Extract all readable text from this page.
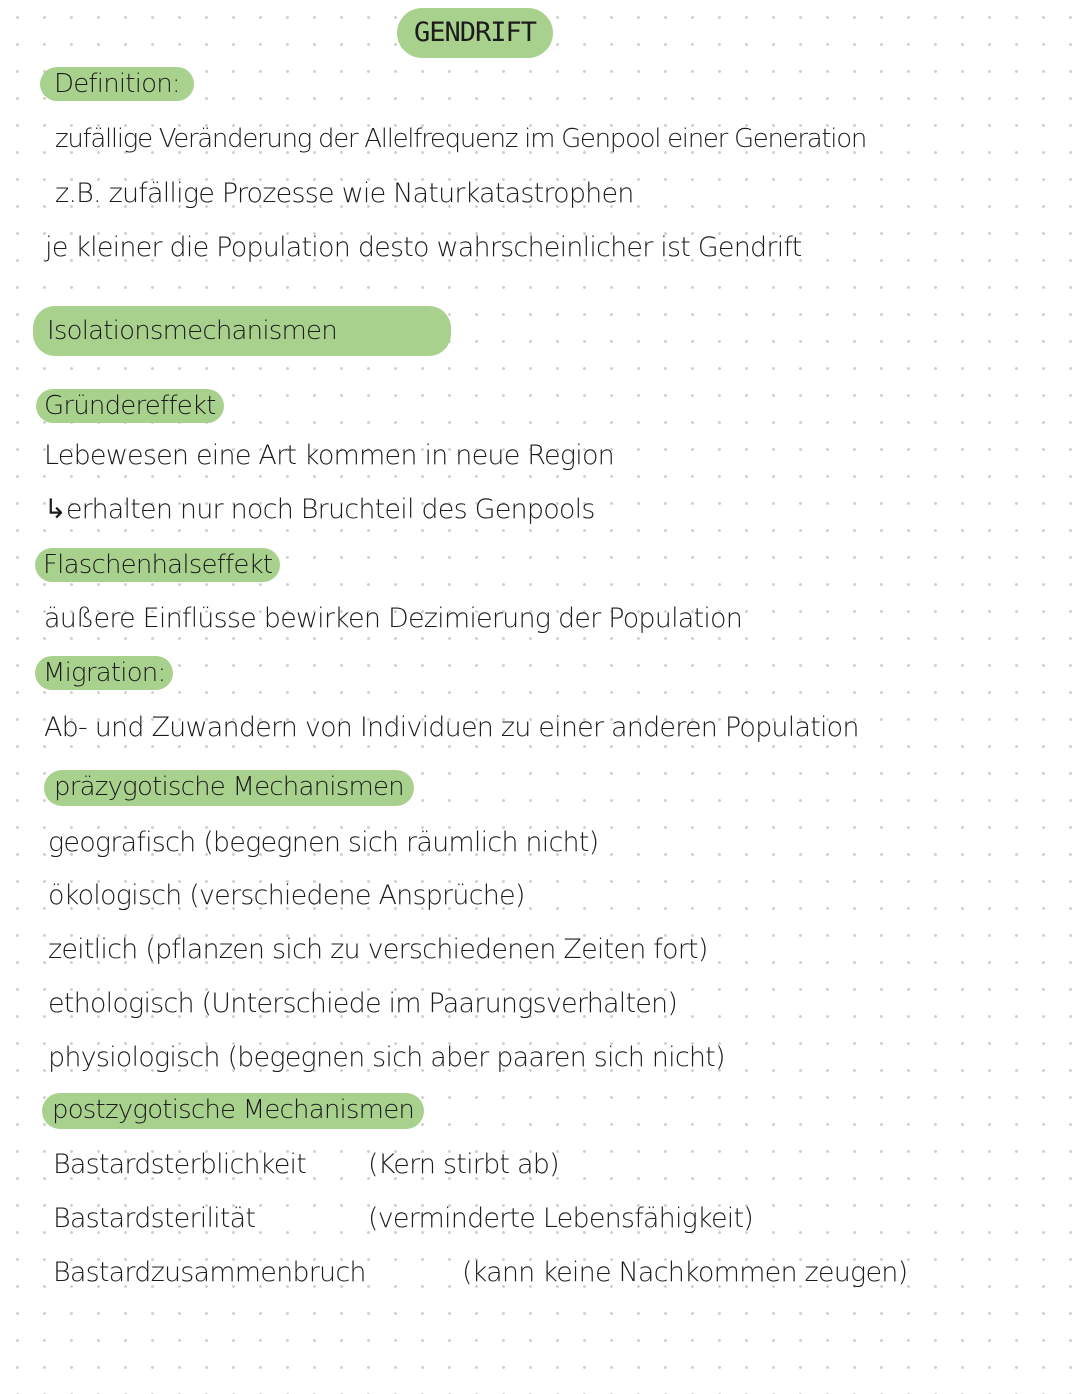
GENDRIFT
Definition:
zufällige Veränderung der Allelfrequenz im Genpool einer Generation
z.B. zufällige Prozesse wie Naturkatastrophen
je kleiner die Population desto wahrscheinlicher ist Gendrift
Isolationsmechanismen
Gründereffekt
Lebewesen eine Art kommen in neue Region
↳erhalten nur noch Bruchteil des Genpools
Flaschenhalseffekt
äußere Einflüsse bewirken Dezimierung der Population
Migration:
Ab- und Zuwandern von Individuen zu einer anderen Population
präzygotische Mechanismen
geografisch (begegnen sich räumlich nicht)
ökologisch (verschiedene Ansprüche)
zeitlich (pflanzen sich zu verschiedenen Zeiten fort)
ethologisch (Unterschiede im Paarungsverhalten)
physiologisch (begegnen sich aber paaren sich nicht)
postzygotische Mechanismen
Bastardsterblichkeit (Kern stirbt ab)
Bastardsterilität	(verminderte Lebensfähigkeit)
Bastardzusammenbruch	(kann keine Nachkommen zeugen)
